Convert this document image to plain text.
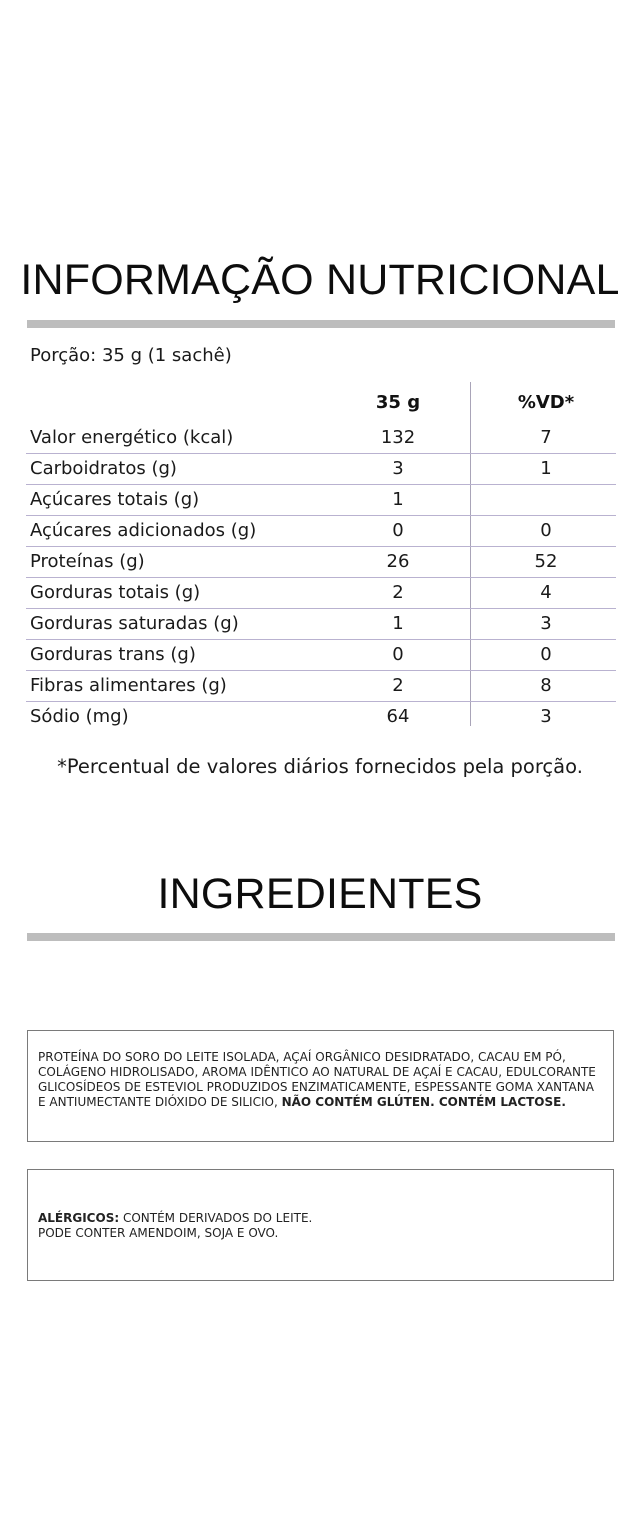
INFORMAÇÃO NUTRICIONAL
Porção: 35 g (1 sachê)
35 g	%VD*
Valor energético (kcal)	132	7
Carboidratos (g)	3	1
Açúcares totais (g)	1
Açúcares adicionados (g)	0	0
Proteínas (g)	26	52
Gorduras totais (g)	2	4
Gorduras saturadas (g)	1	3
Gorduras trans (g)	0	0
Fibras alimentares (g)	2	8
Sódio (mg)	64	3
*Percentual de valores diários fornecidos pela porção.
INGREDIENTES
PROTEÍNA DO SORO DO LEITE ISOLADA, AÇAÍ ORGÂNICO DESIDRATADO, CACAU EM PÓ, COLÁGENO HIDROLISADO, AROMA IDÊNTICO AO NATURAL DE AÇAÍ E CACAU, EDULCORANTE GLICOSÍDEOS DE ESTEVIOL PRODUZIDOS ENZIMATICAMENTE, ESPESSANTE GOMA XANTANA E ANTIUMECTANTE DIÓXIDO DE SILICIO, NÃO CONTÉM GLÚTEN. CONTÉM LACTOSE.
ALÉRGICOS: CONTÉM DERIVADOS DO LEITE.
PODE CONTER AMENDOIM, SOJA E OVO.
